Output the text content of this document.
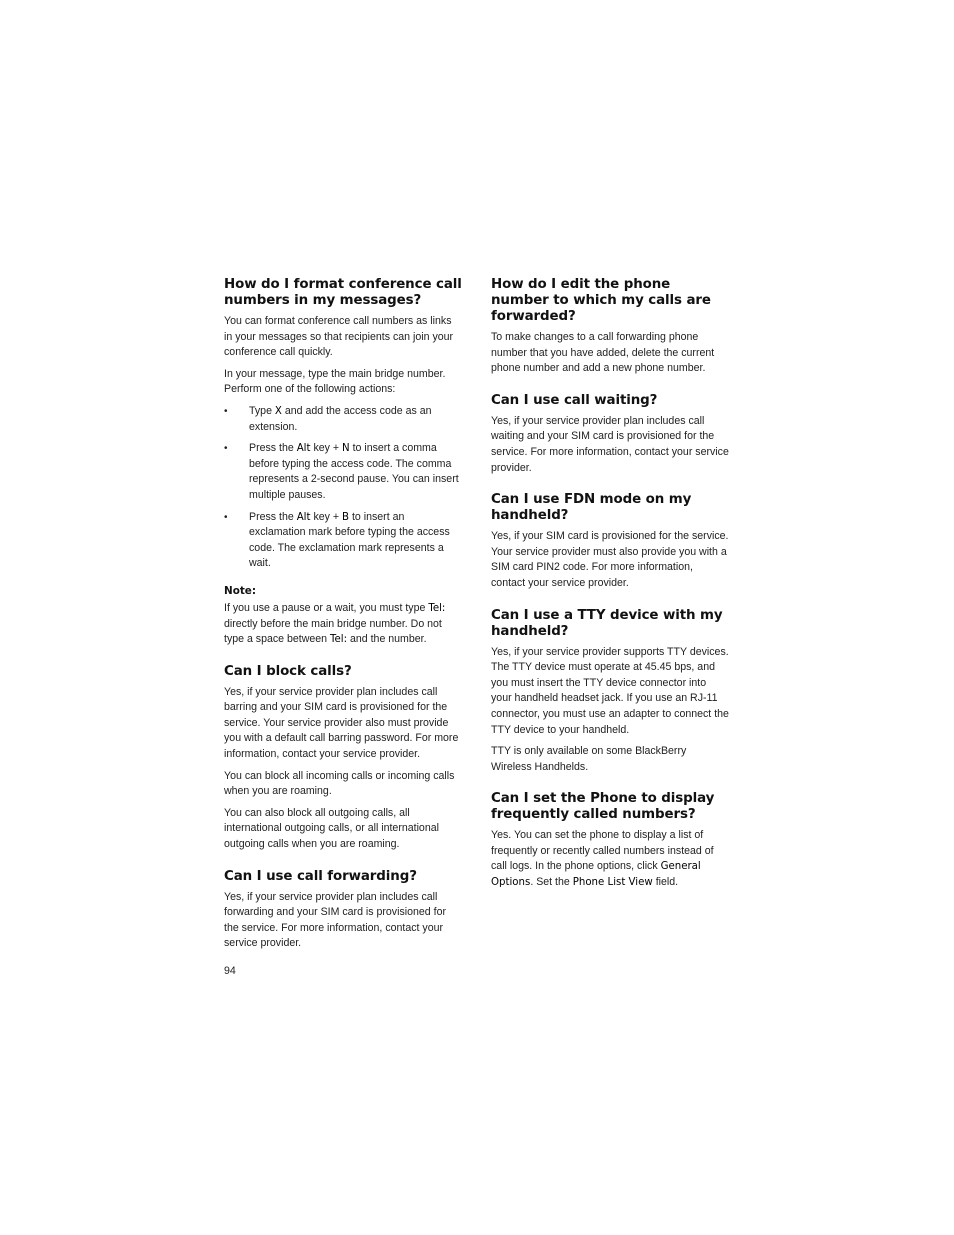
How do I format conference call numbers in my messages?

You can format conference call numbers as links in your messages so that recipients can join your conference call quickly.

In your message, type the main bridge number. Perform one of the following actions:

• Type X and add the access code as an extension.
• Press the Alt key + N to insert a comma before typing the access code. The comma represents a 2-second pause. You can insert multiple pauses.
• Press the Alt key + B to insert an exclamation mark before typing the access code. The exclamation mark represents a wait.
Note:

If you use a pause or a wait, you must type Tel: directly before the main bridge number. Do not type a space between Tel: and the number.

Can I block calls?

Yes, if your service provider plan includes call barring and your SIM card is provisioned for the service. Your service provider also must provide you with a default call barring password. For more information, contact your service provider.

You can block all incoming calls or incoming calls when you are roaming.

You can also block all outgoing calls, all international outgoing calls, or all international outgoing calls when you are roaming.

Can I use call forwarding?

Yes, if your service provider plan includes call forwarding and your SIM card is provisioned for the service. For more information, contact your service provider.

How do I edit the phone number to which my calls are forwarded?

To make changes to a call forwarding phone number that you have added, delete the current phone number and add a new phone number.

Can I use call waiting?

Yes, if your service provider plan includes call waiting and your SIM card is provisioned for the service. For more information, contact your service provider.

Can I use FDN mode on my handheld?

Yes, if your SIM card is provisioned for the service. Your service provider must also provide you with a SIM card PIN2 code. For more information, contact your service provider.

Can I use a TTY device with my handheld?

Yes, if your service provider supports TTY devices. The TTY device must operate at 45.45 bps, and you must insert the TTY device connector into your handheld headset jack. If you use an RJ-11 connector, you must use an adapter to connect the TTY device to your handheld.

TTY is only available on some BlackBerry Wireless Handhelds.

Can I set the Phone to display frequently called numbers?

Yes. You can set the phone to display a list of frequently or recently called numbers instead of call logs. In the phone options, click General Options. Set the Phone List View field.

94
